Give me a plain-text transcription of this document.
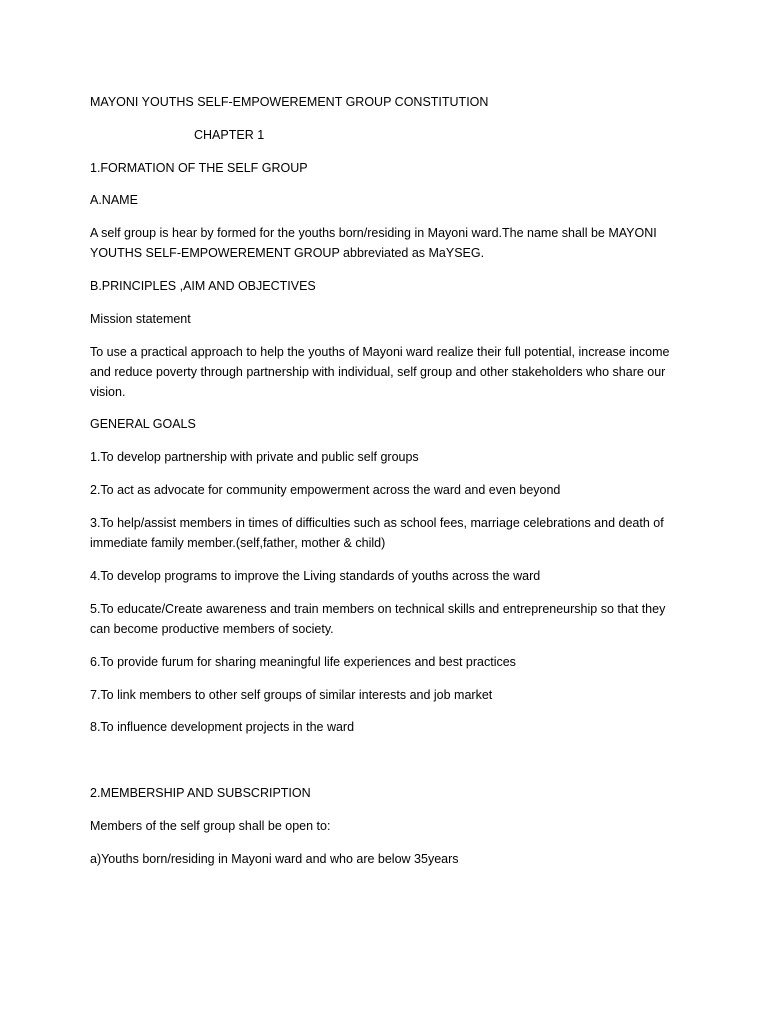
MAYONI YOUTHS SELF-EMPOWEREMENT GROUP CONSTITUTION

CHAPTER 1

1.FORMATION OF THE SELF GROUP

A.NAME

A self group is hear by formed for the youths born/residing in Mayoni ward.The name shall be MAYONI YOUTHS SELF-EMPOWEREMENT GROUP abbreviated as MaYSEG.

B.PRINCIPLES ,AIM AND OBJECTIVES

Mission statement

To use a practical approach to help the youths of Mayoni ward realize their full potential, increase income and reduce poverty through partnership with individual, self group and other stakeholders who share our vision.

GENERAL GOALS

1.To develop partnership with private and public self groups

2.To act as advocate for community empowerment across the ward and even beyond

3.To help/assist members in times of difficulties such as school fees, marriage celebrations and death of immediate family member.(self,father, mother & child)

4.To develop programs to improve the Living standards of youths across the ward

5.To educate/Create awareness and train members on technical skills and entrepreneurship so that they can become productive members of society.

6.To provide furum for sharing meaningful life experiences and best practices

7.To link members to other self groups of similar interests and job market

8.To influence development projects in the ward

2.MEMBERSHIP AND SUBSCRIPTION

Members of the self group shall be open to:

a)Youths born/residing in Mayoni ward and who are below 35years
